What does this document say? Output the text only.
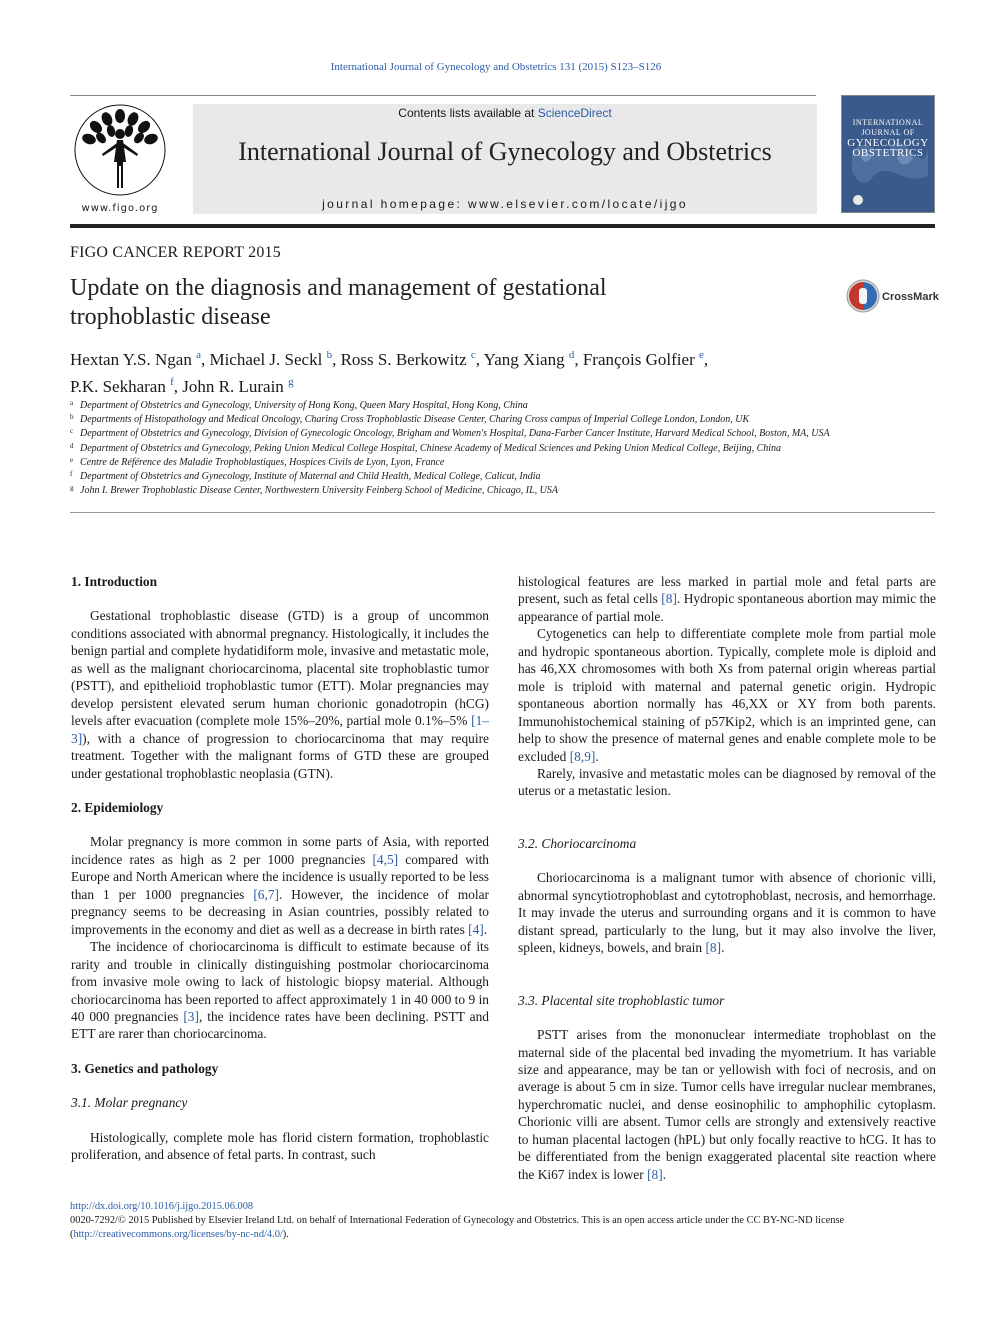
International Journal of Gynecology and Obstetrics 131 (2015) S123–S126
www.figo.org
Contents lists available at ScienceDirect
International Journal of Gynecology and Obstetrics
journal homepage: www.elsevier.com/locate/ijgo
INTERNATIONAL JOURNAL OF
GYNECOLOGY OBSTETRICS
FIGO CANCER REPORT 2015
Update on the diagnosis and management of gestational trophoblastic disease
CrossMark
Hextan Y.S. Ngan $^a$, Michael J. Seckl $^b$, Ross S. Berkowitz $^c$, Yang Xiang $^d$, François Golfier $^e$,
P.K. Sekharan $^f$, John R. Lurain $^g$
a Department of Obstetrics and Gynecology, University of Hong Kong, Queen Mary Hospital, Hong Kong, China
b Departments of Histopathology and Medical Oncology, Charing Cross Trophoblastic Disease Center, Charing Cross campus of Imperial College London, London, UK
c Department of Obstetrics and Gynecology, Division of Gynecologic Oncology, Brigham and Women's Hospital, Dana-Farber Cancer Institute, Harvard Medical School, Boston, MA, USA
d Department of Obstetrics and Gynecology, Peking Union Medical College Hospital, Chinese Academy of Medical Sciences and Peking Union Medical College, Beijing, China
e Centre de Référence des Maladie Trophoblastiques, Hospices Civils de Lyon, Lyon, France
f Department of Obstetrics and Gynecology, Institute of Maternal and Child Health, Medical College, Calicut, India
g John I. Brewer Trophoblastic Disease Center, Northwestern University Feinberg School of Medicine, Chicago, IL, USA
1. Introduction

Gestational trophoblastic disease (GTD) is a group of uncommon conditions associated with abnormal pregnancy. Histologically, it includes the benign partial and complete hydatidiform mole, invasive and metastatic mole, as well as the malignant choriocarcinoma, placental site trophoblastic tumor (PSTT), and epithelioid trophoblastic tumor (ETT). Molar pregnancies may develop persistent elevated serum human chorionic gonadotropin (hCG) levels after evacuation (complete mole 15%–20%, partial mole 0.1%–5% [1–3]), with a chance of progression to choriocarcinoma that may require treatment. Together with the malignant forms of GTD these are grouped under gestational trophoblastic neoplasia (GTN).

2. Epidemiology

Molar pregnancy is more common in some parts of Asia, with reported incidence rates as high as 2 per 1000 pregnancies [4,5] compared with Europe and North American where the incidence is usually reported to be less than 1 per 1000 pregnancies [6,7]. However, the incidence of molar pregnancy seems to be decreasing in Asian countries, possibly related to improvements in the economy and diet as well as a decrease in birth rates [4].

The incidence of choriocarcinoma is difficult to estimate because of its rarity and trouble in clinically distinguishing postmolar choriocarcinoma from invasive mole owing to lack of histologic biopsy material. Although choriocarcinoma has been reported to affect approximately 1 in 40 000 to 9 in 40 000 pregnancies [3], the incidence rates have been declining. PSTT and ETT are rarer than choriocarcinoma.

3. Genetics and pathology
3.1. Molar pregnancy

Histologically, complete mole has florid cistern formation, trophoblastic proliferation, and absence of fetal parts. In contrast, such

histological features are less marked in partial mole and fetal parts are present, such as fetal cells [8]. Hydropic spontaneous abortion may mimic the appearance of partial mole.

Cytogenetics can help to differentiate complete mole from partial mole and hydropic spontaneous abortion. Typically, complete mole is diploid and has 46,XX chromosomes with both Xs from paternal origin whereas partial mole is triploid with maternal and paternal genetic origin. Hydropic spontaneous abortion normally has 46,XX or XY from both parents. Immunohistochemical staining of p57Kip2, which is an imprinted gene, can help to show the presence of maternal genes and enable complete mole to be excluded [8,9].

Rarely, invasive and metastatic moles can be diagnosed by removal of the uterus or a metastatic lesion.

3.2. Choriocarcinoma

Choriocarcinoma is a malignant tumor with absence of chorionic villi, abnormal syncytiotrophoblast and cytotrophoblast, necrosis, and hemorrhage. It may invade the uterus and surrounding organs and it is common to have distant spread, particularly to the lung, but it may also involve the liver, spleen, kidneys, bowels, and brain [8].

3.3. Placental site trophoblastic tumor

PSTT arises from the mononuclear intermediate trophoblast on the maternal side of the placental bed invading the myometrium. It has variable size and appearance, may be tan or yellowish with foci of necrosis, and on average is about 5 cm in size. Tumor cells have irregular nuclear membranes, hyperchromatic nuclei, and dense eosinophilic to amphophilic cytoplasm. Chorionic villi are absent. Tumor cells are strongly and extensively reactive to human placental lactogen (hPL) but only focally reactive to hCG. It has to be differentiated from the benign exaggerated placental site reaction where the Ki67 index is lower [8].

http://dx.doi.org/10.1016/j.ijgo.2015.06.008
0020-7292/© 2015 Published by Elsevier Ireland Ltd. on behalf of International Federation of Gynecology and Obstetrics. This is an open access article under the CC BY-NC-ND license
(http://creativecommons.org/licenses/by-nc-nd/4.0/).
